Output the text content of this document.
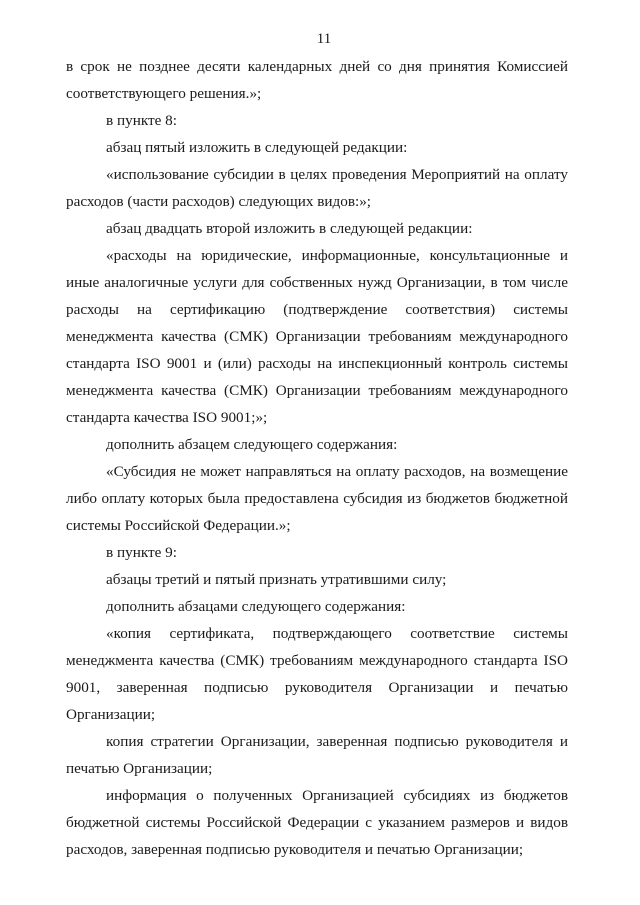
11

в срок не позднее десяти календарных дней со дня принятия Комиссией соответствующего решения.»;

в пункте 8:

абзац пятый изложить в следующей редакции:

«использование субсидии в целях проведения Мероприятий на оплату расходов (части расходов) следующих видов:»;

абзац двадцать второй изложить в следующей редакции:

«расходы на юридические, информационные, консультационные и иные аналогичные услуги для собственных нужд Организации, в том числе расходы на сертификацию (подтверждение соответствия) системы менеджмента качества (СМК) Организации требованиям международного стандарта ISO 9001 и (или) расходы на инспекционный контроль системы менеджмента качества (СМК) Организации требованиям международного стандарта качества ISO 9001;»;

дополнить абзацем следующего содержания:

«Субсидия не может направляться на оплату расходов, на возмещение либо оплату которых была предоставлена субсидия из бюджетов бюджетной системы Российской Федерации.»;

в пункте 9:

абзацы третий и пятый признать утратившими силу;

дополнить абзацами следующего содержания:

«копия сертификата, подтверждающего соответствие системы менеджмента качества (СМК) требованиям международного стандарта ISO 9001, заверенная подписью руководителя Организации и печатью Организации;

копия стратегии Организации, заверенная подписью руководителя и печатью Организации;

информация о полученных Организацией субсидиях из бюджетов бюджетной системы Российской Федерации с указанием размеров и видов расходов, заверенная подписью руководителя и печатью Организации;
